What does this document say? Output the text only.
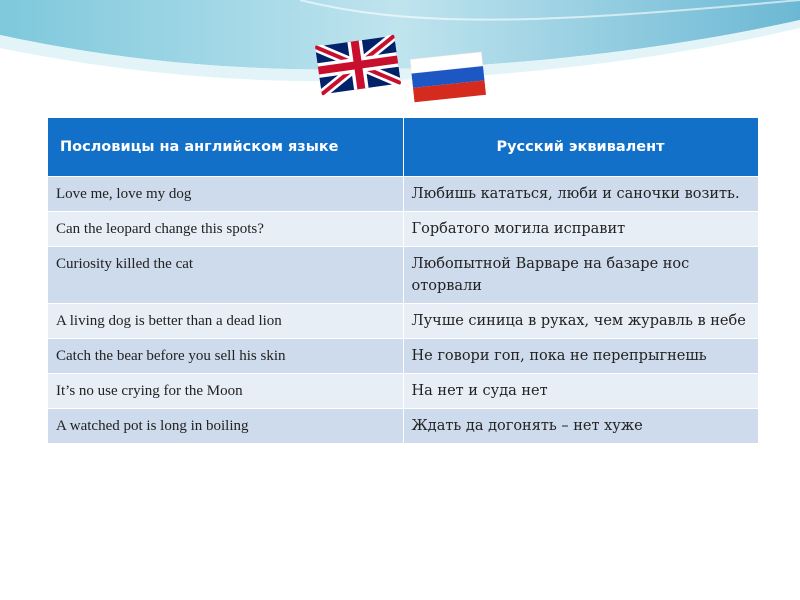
Пословицы на английском языке	Русский эквивалент
Love me, love my dog	Любишь кататься, люби и саночки возить.
Can the leopard change this spots?	Горбатого могила исправит
Curiosity killed the cat	Любопытной Варваре на базаре нос оторвали
A living dog is better than a dead lion	Лучше синица в руках, чем журавль в небе
Catch the bear before you sell his skin	Не говори гоп, пока не перепрыгнешь
It’s no use crying for the Moon	На нет и суда нет
A watched pot is long in boiling	Ждать да догонять – нет хуже
